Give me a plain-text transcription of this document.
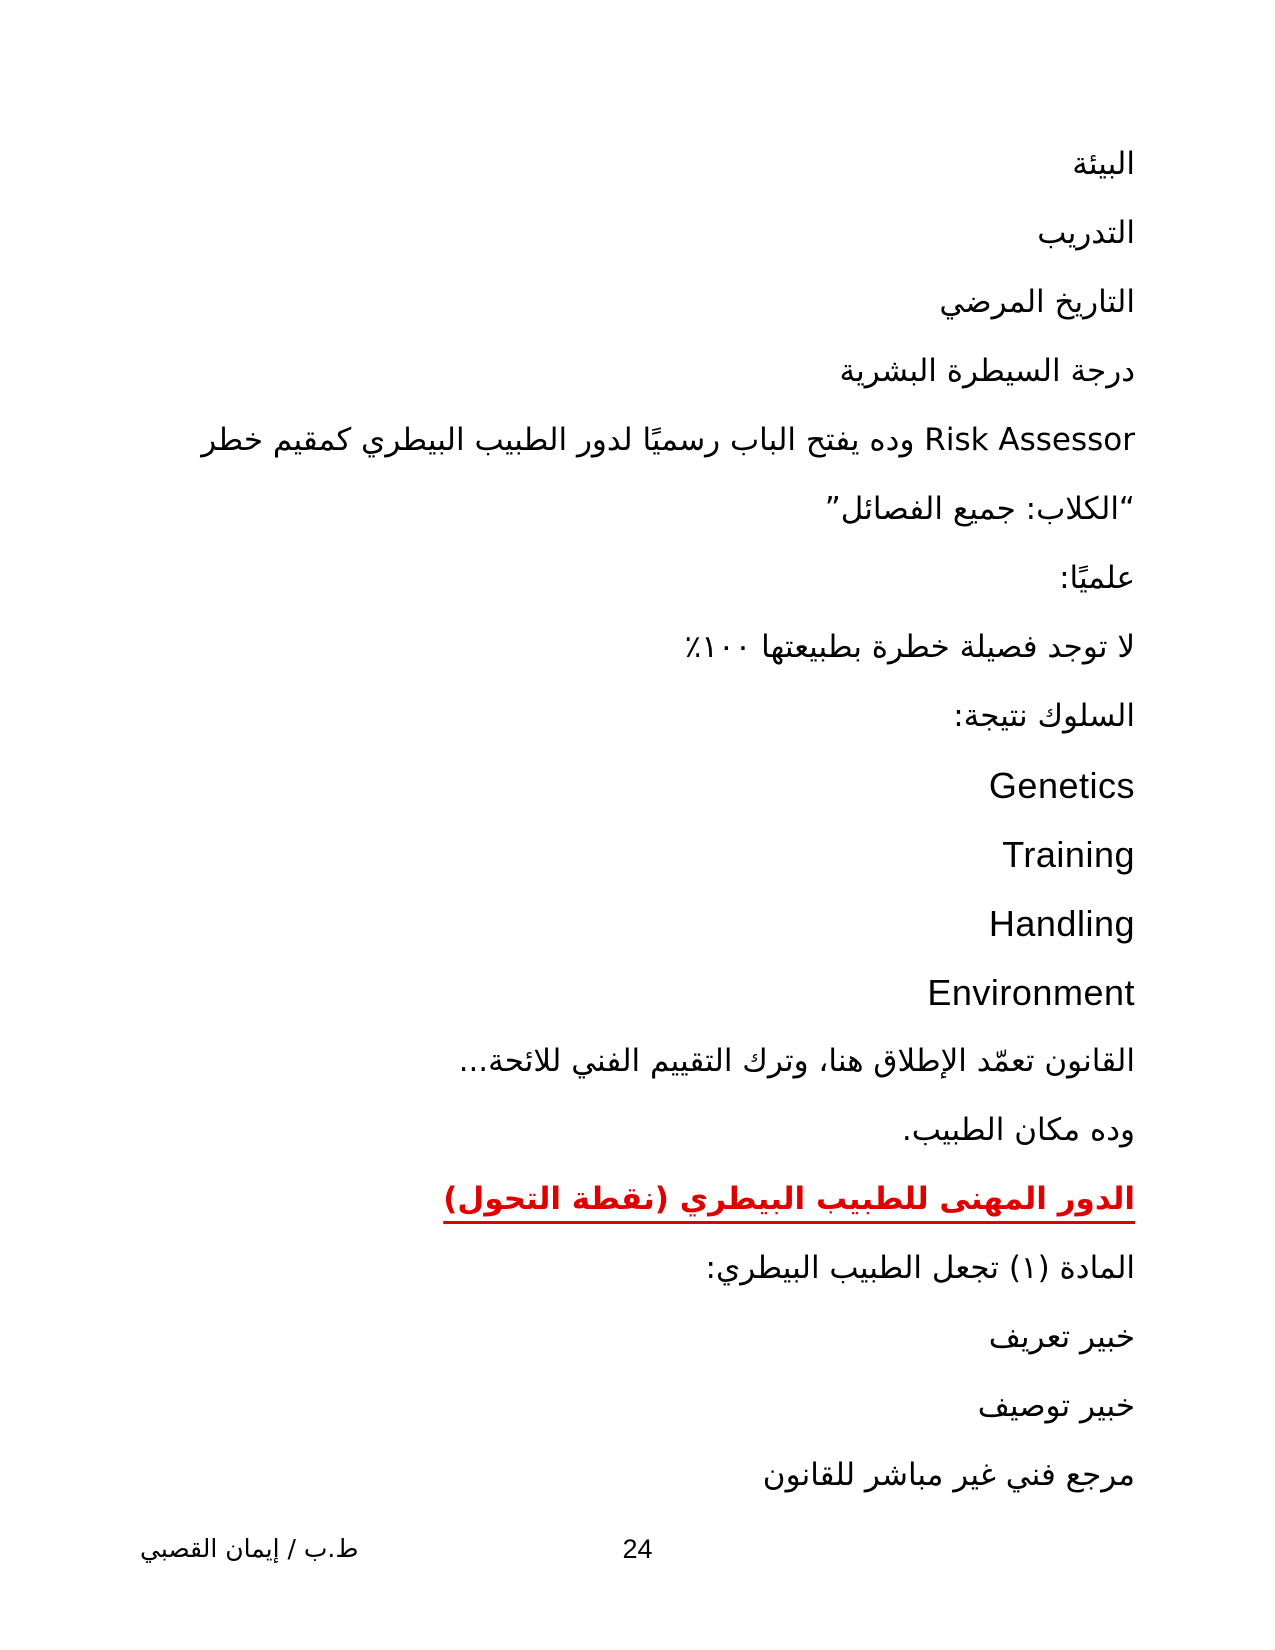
البيئة

التدريب

التاريخ المرضي

درجة السيطرة البشرية

Risk Assessor وده يفتح الباب رسميًا لدور الطبيب البيطري كمقيم خطر

“الكلاب: جميع الفصائل”

علميًا:

لا توجد فصيلة خطرة بطبيعتها ١٠٠٪

السلوك نتيجة:

Genetics

Training

Handling

Environment

القانون تعمّد الإطلاق هنا، وترك التقييم الفني للائحة...

وده مكان الطبيب.

الدور المهنى للطبيب البيطري (نقطة التحول)

المادة (١) تجعل الطبيب البيطري:

خبير تعريف

خبير توصيف

مرجع فني غير مباشر للقانون

ط.ب / إيمان القصبي	24
